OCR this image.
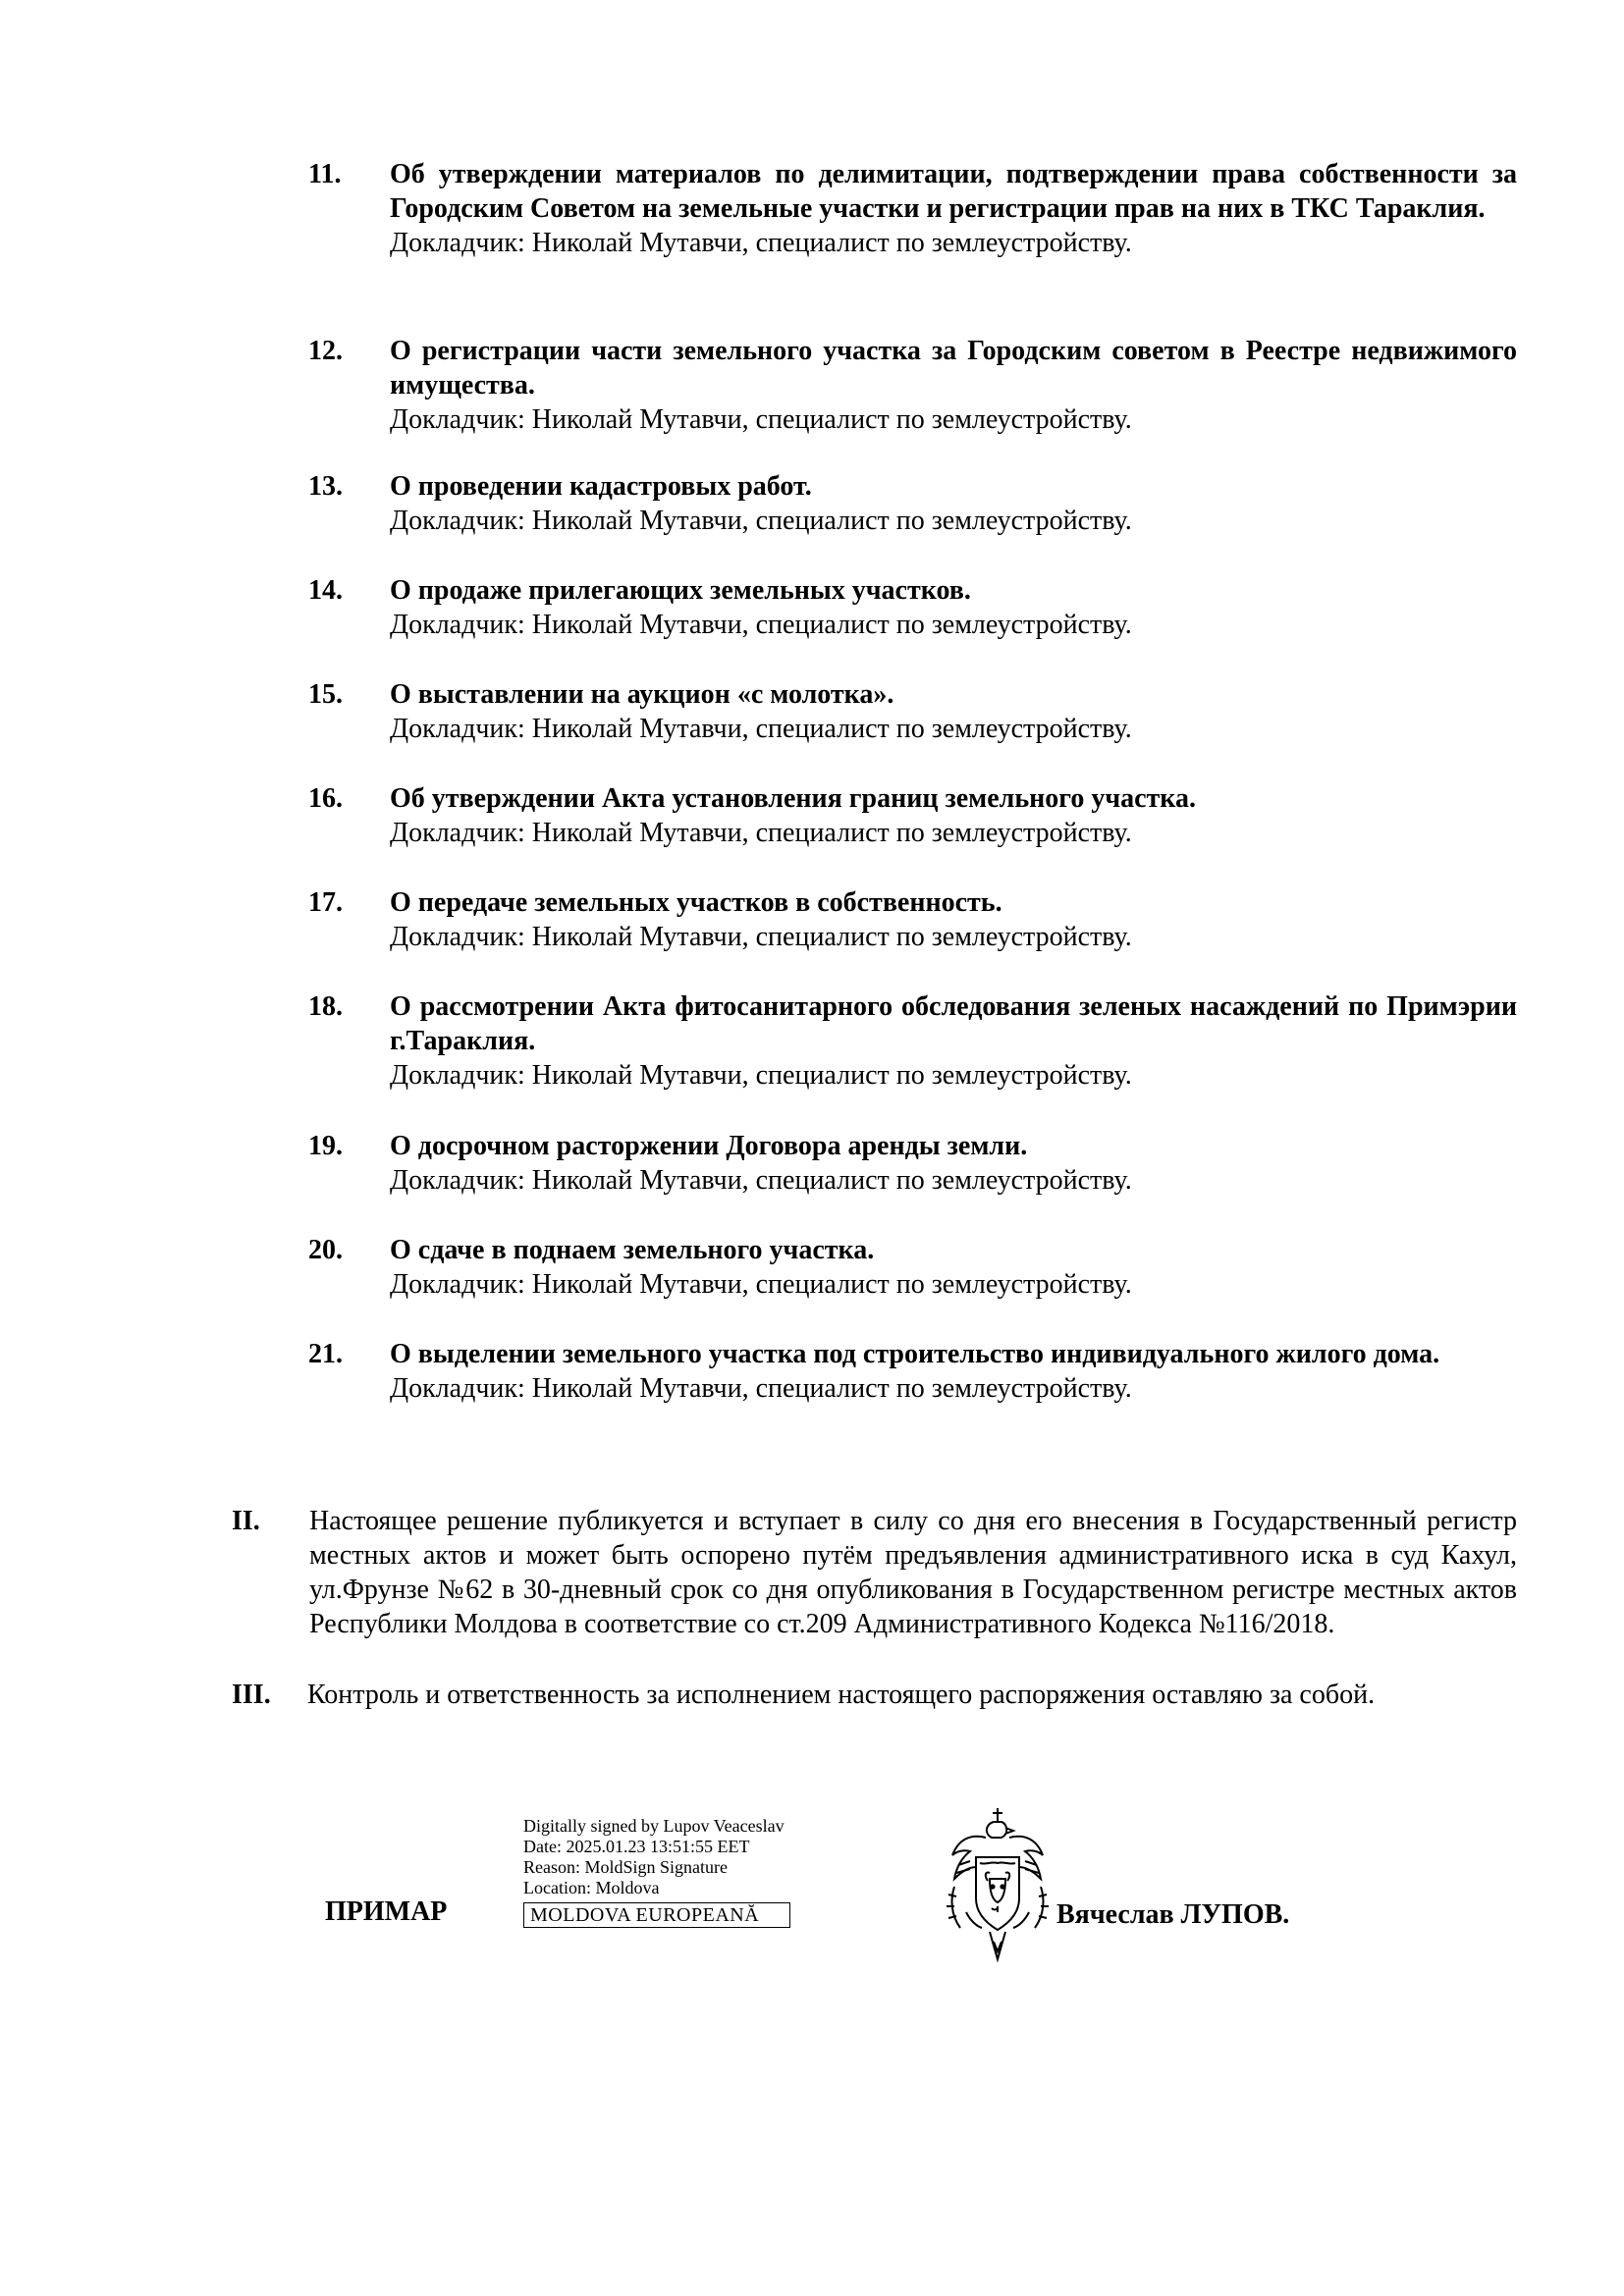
11.	Об утверждении материалов по делимитации, подтверждении права собственности за Городским Советом на земельные участки и регистрации прав на них в ТКС Тараклия.
Докладчик: Николай Мутавчи, специалист по землеустройству.
12.	О регистрации части земельного участка за Городским советом в Реестре недвижимого имущества.
Докладчик: Николай Мутавчи, специалист по землеустройству.
13.	О проведении кадастровых работ.
Докладчик: Николай Мутавчи, специалист по землеустройству.
14.	О продаже прилегающих земельных участков.
Докладчик: Николай Мутавчи, специалист по землеустройству.
15.	О выставлении на аукцион «с молотка».
Докладчик: Николай Мутавчи, специалист по землеустройству.
16.	Об утверждении Акта установления границ земельного участка.
Докладчик: Николай Мутавчи, специалист по землеустройству.
17.	О передаче земельных участков в собственность.
Докладчик: Николай Мутавчи, специалист по землеустройству.
18.	О рассмотрении Акта фитосанитарного обследования зеленых насаждений по Примэрии г.Тараклия.
Докладчик: Николай Мутавчи, специалист по землеустройству.
19.	О досрочном расторжении Договора аренды земли.
Докладчик: Николай Мутавчи, специалист по землеустройству.
20.	О сдаче в поднаем земельного участка.
Докладчик: Николай Мутавчи, специалист по землеустройству.
21.	О выделении земельного участка под строительство индивидуального жилого дома.
Докладчик: Николай Мутавчи, специалист по землеустройству.
II.	Настоящее решение публикуется и вступает в силу со дня его внесения в Государственный регистр местных актов и может быть оспорено путём предъявления административного иска в суд Кахул, ул.Фрунзе №62 в 30-дневный срок со дня опубликования в Государственном регистре местных актов Республики Молдова в соответствие со ст.209 Административного Кодекса №116/2018.
III.	Контроль и ответственность за исполнением настоящего распоряжения оставляю за собой.
ПРИМАР
Digitally signed by Lupov Veaceslav
Date: 2025.01.23 13:51:55 EET
Reason: MoldSign Signature
Location: Moldova
MOLDOVA EUROPEANĂ	Вячеслав ЛУПОВ.
